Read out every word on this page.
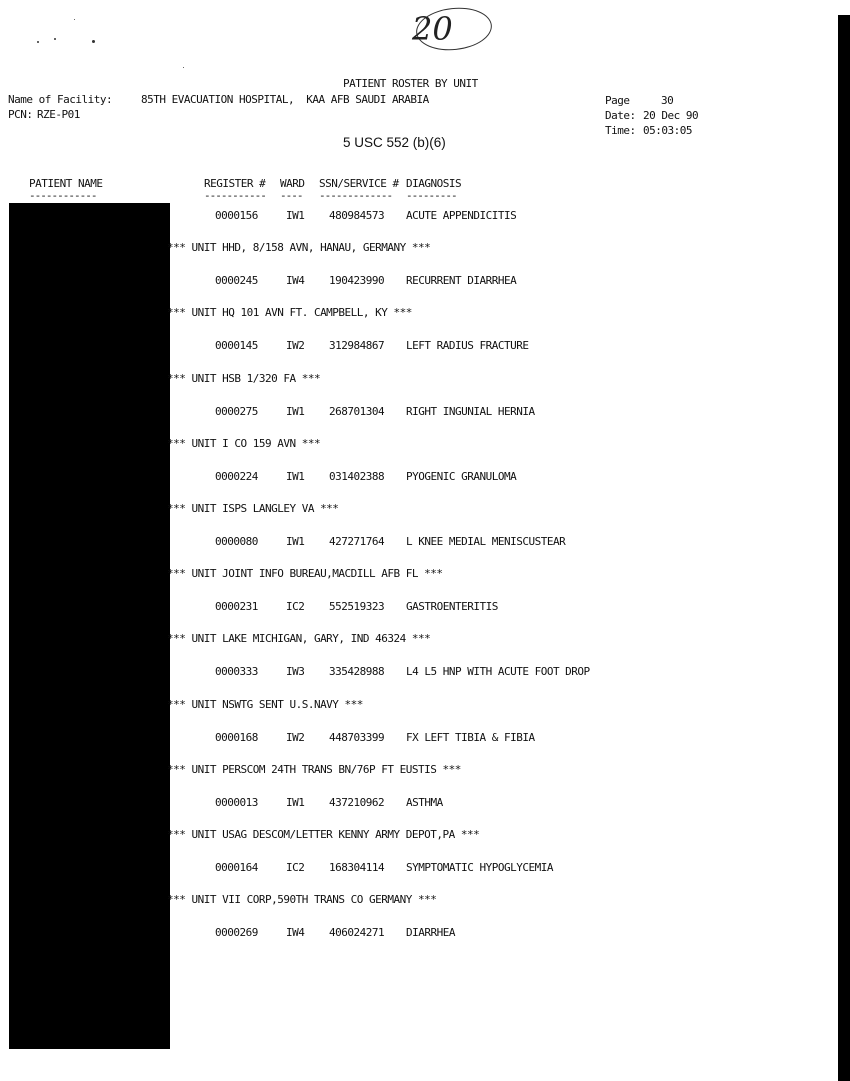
20
PATIENT ROSTER BY UNIT
Name of Facility:	85TH EVACUATION HOSPITAL,  KAA AFB SAUDI ARABIA
PCN: RZE-P01
Page	30
Date: 20 Dec 90
Time: 05:03:05
5 USC 552 (b)(6)
PATIENT NAME	REGISTER # WARD SSN/SERVICE # DIAGNOSIS
------------	----------- ---- ------------- ---------
0000156	IW1 480984573 ACUTE APPENDICITIS
*** UNIT HHD, 8/158 AVN, HANAU, GERMANY ***
0000245	IW4 190423990 RECURRENT DIARRHEA
*** UNIT HQ 101 AVN FT. CAMPBELL, KY ***
0000145	IW2 312984867 LEFT RADIUS FRACTURE
*** UNIT HSB 1/320 FA ***
0000275	IW1 268701304 RIGHT INGUNIAL HERNIA
*** UNIT I CO 159 AVN ***
0000224	IW1 031402388 PYOGENIC GRANULOMA
*** UNIT ISPS LANGLEY VA ***
0000080	IW1 427271764 L KNEE MEDIAL MENISCUSTEAR
*** UNIT JOINT INFO BUREAU,MACDILL AFB FL ***
0000231	IC2 552519323 GASTROENTERITIS
*** UNIT LAKE MICHIGAN, GARY, IND 46324 ***
0000333	IW3 335428988 L4 L5 HNP WITH ACUTE FOOT DROP
*** UNIT NSWTG SENT U.S.NAVY ***
0000168	IW2 448703399 FX LEFT TIBIA & FIBIA
*** UNIT PERSCOM 24TH TRANS BN/76P FT EUSTIS ***
0000013	IW1 437210962 ASTHMA
*** UNIT USAG DESCOM/LETTER KENNY ARMY DEPOT,PA ***
0000164	IC2 168304114 SYMPTOMATIC HYPOGLYCEMIA
*** UNIT VII CORP,590TH TRANS CO GERMANY ***
0000269	IW4 406024271 DIARRHEA
